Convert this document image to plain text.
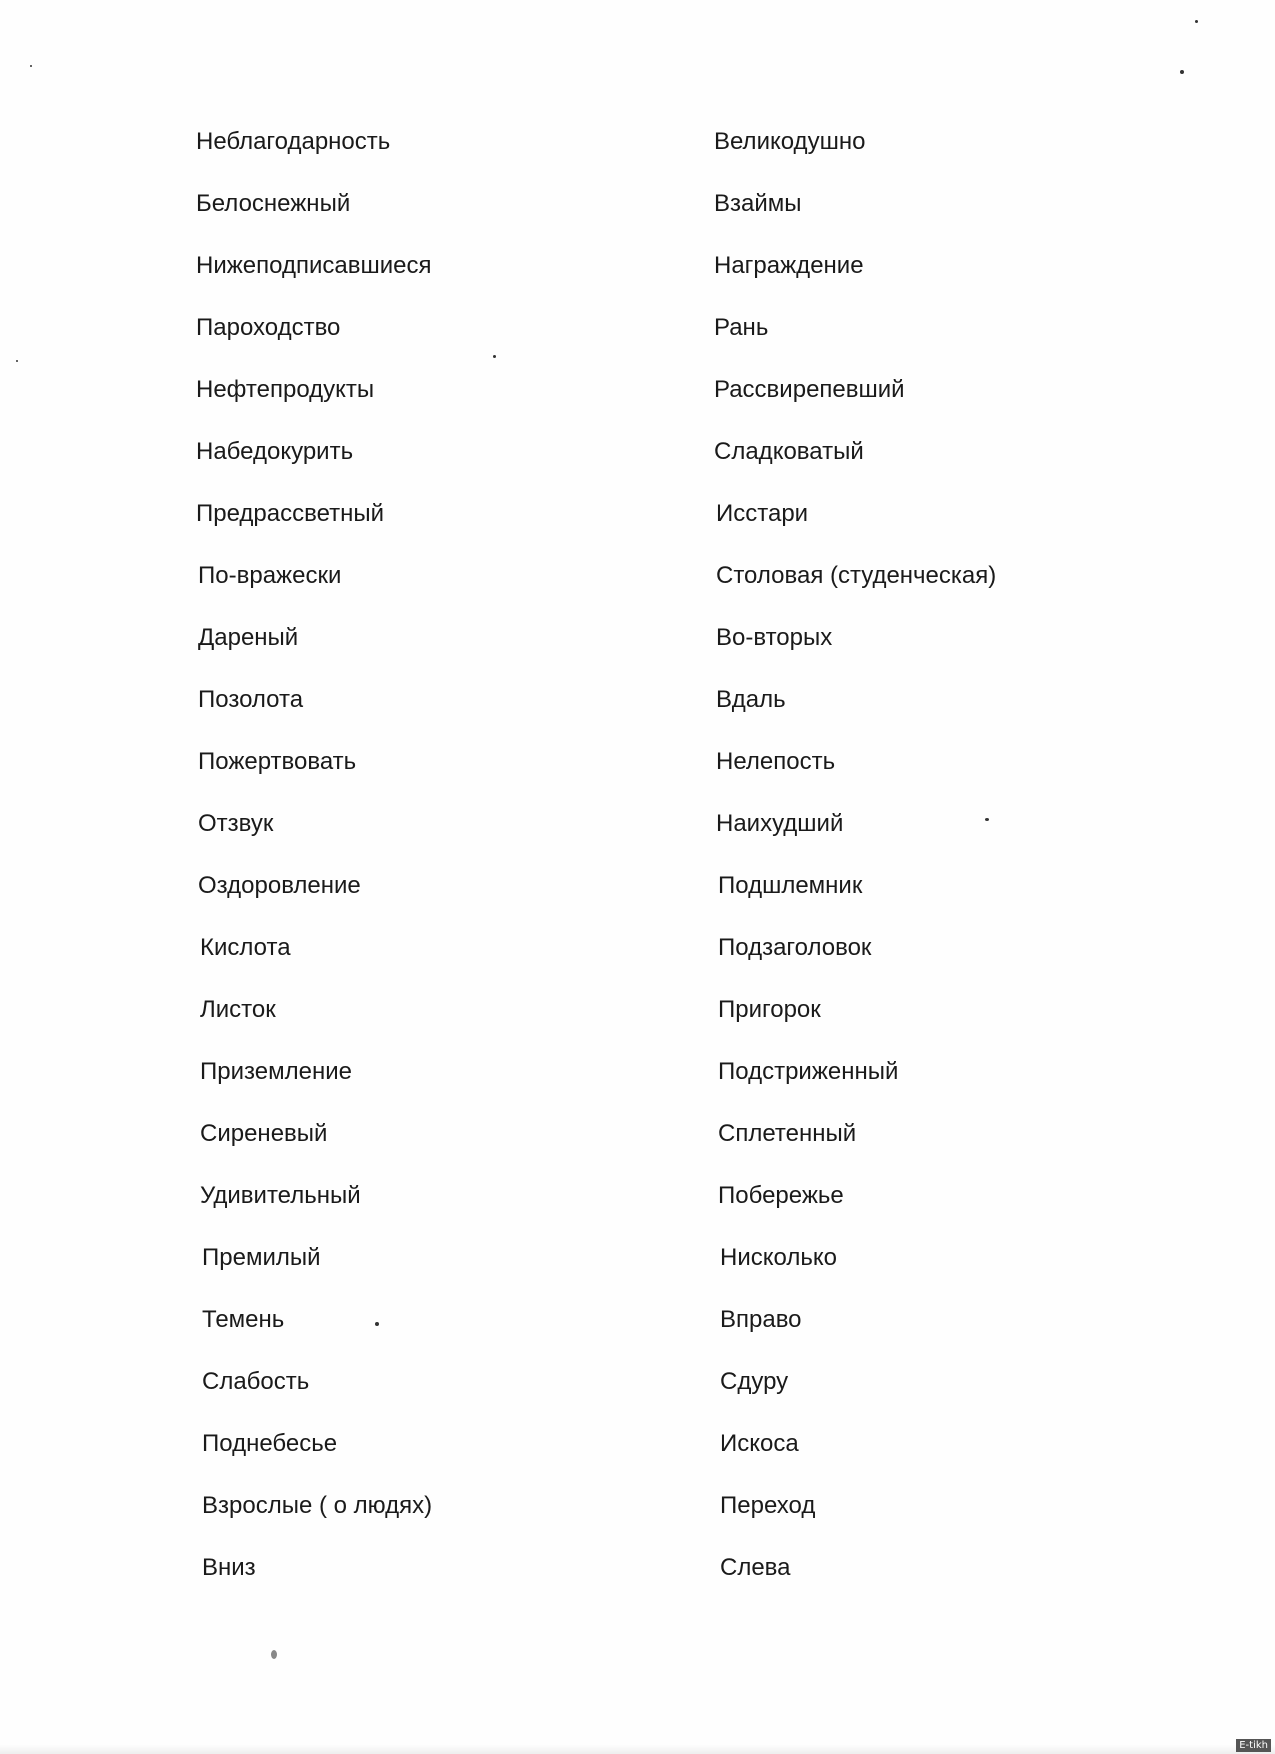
Неблагодарность
Белоснежный
Нижеподписавшиеся
Пароходство
Нефтепродукты
Набедокурить
Предрассветный
По-вражески
Дареный
Позолота
Пожертвовать
Отзвук
Оздоровление
Кислота
Листок
Приземление
Сиреневый
Удивительный
Премилый
Темень
Слабость
Поднебесье
Взрослые ( о людях)
Вниз
Великодушно
Взаймы
Награждение
Рань
Рассвирепевший
Сладковатый
Исстари
Столовая (студенческая)
Во-вторых
Вдаль
Нелепость
Наихудший
Подшлемник
Подзаголовок
Пригорок
Подстриженный
Сплетенный
Побережье
Нисколько
Вправо
Сдуру
Искоса
Переход
Слева
E-tikh
